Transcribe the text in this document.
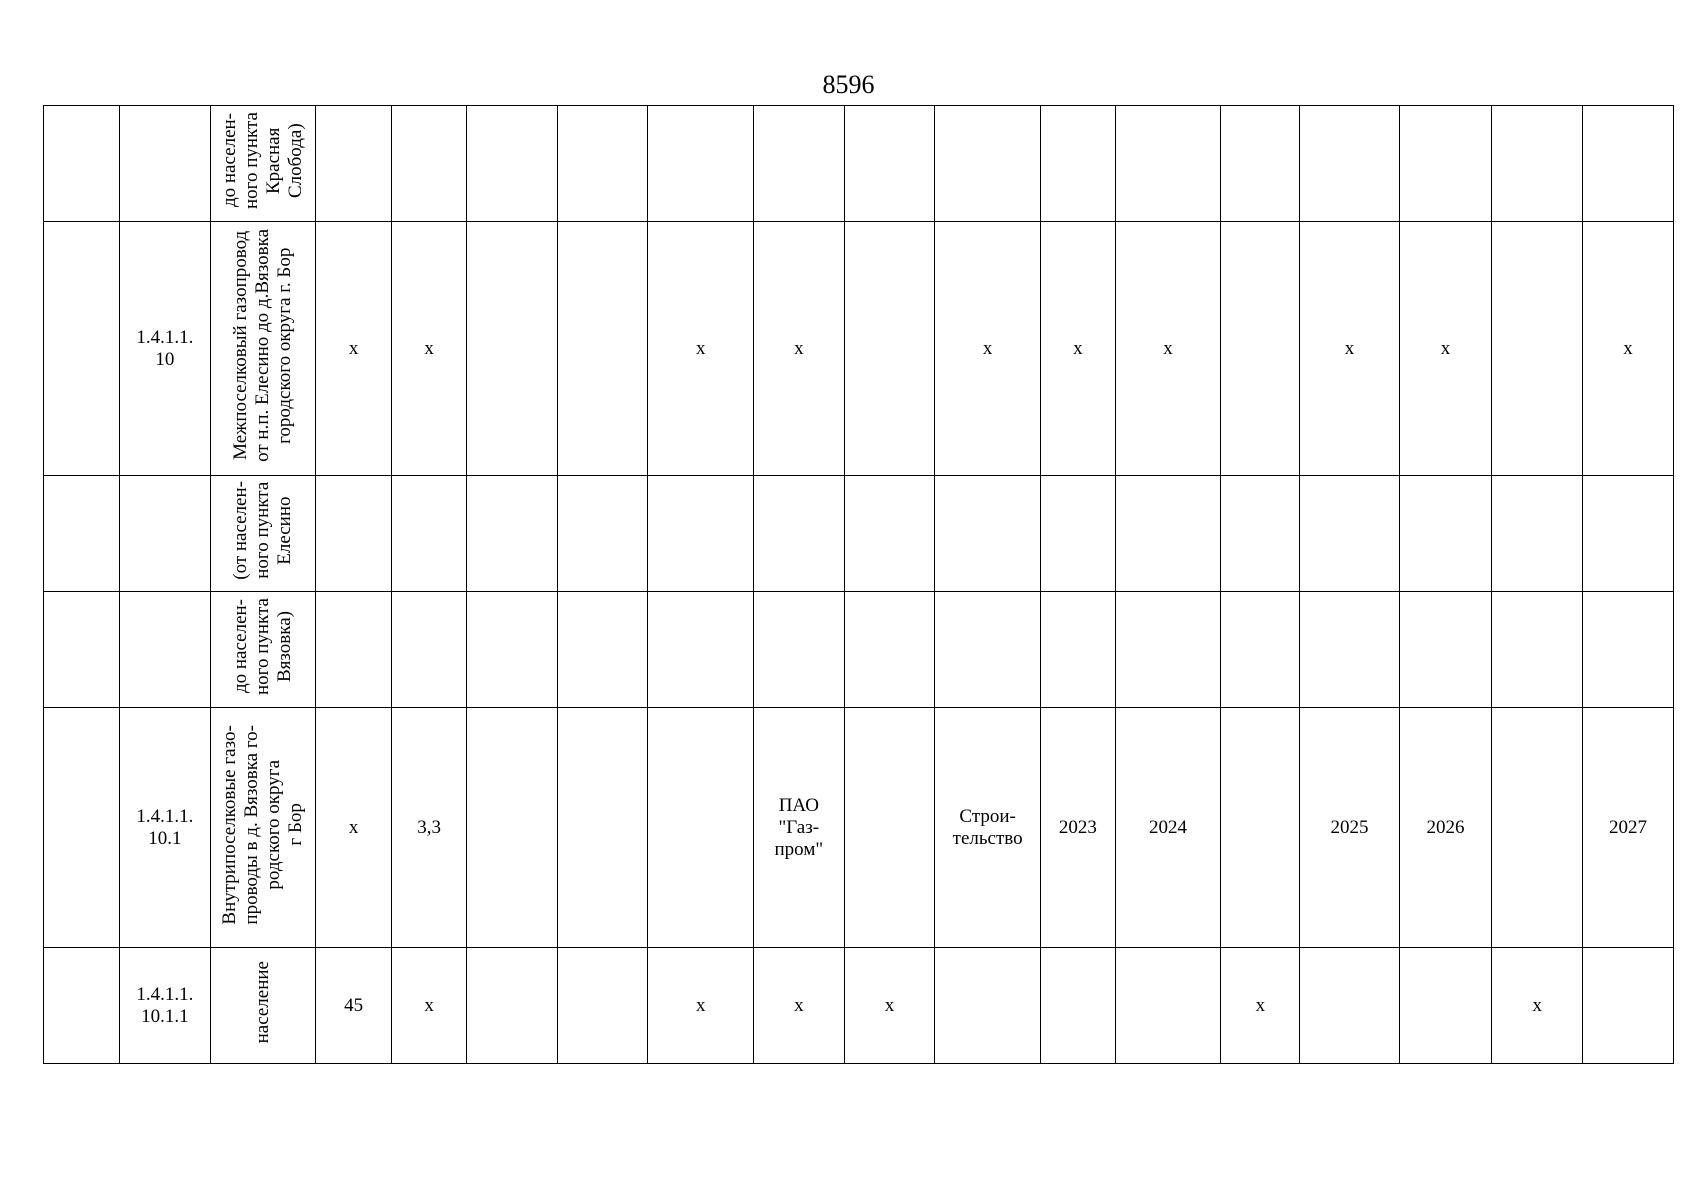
8596
		до населен-
ного пункта
Красная
Слобода)															
	1.4.1.1.
10	Межпоселковый газопровод
от н.п. Елесино до д.Вязовка
городского округа г. Бор	х	х			х	х		х	х	х		х	х		х
		(от населен-
ного пункта
Елесино															
		до населен-
ного пункта
Вязовка)															
	1.4.1.1.
10.1	Внутрипоселковые газо-
проводы в д. Вязовка го-
родского округа
г Бор	х	3,3				ПАО
"Газ-
пром"		Строи-
тельство	2023	2024		2025	2026		2027
	1.4.1.1.
10.1.1	население	45	х			х	х	х				х			х	
